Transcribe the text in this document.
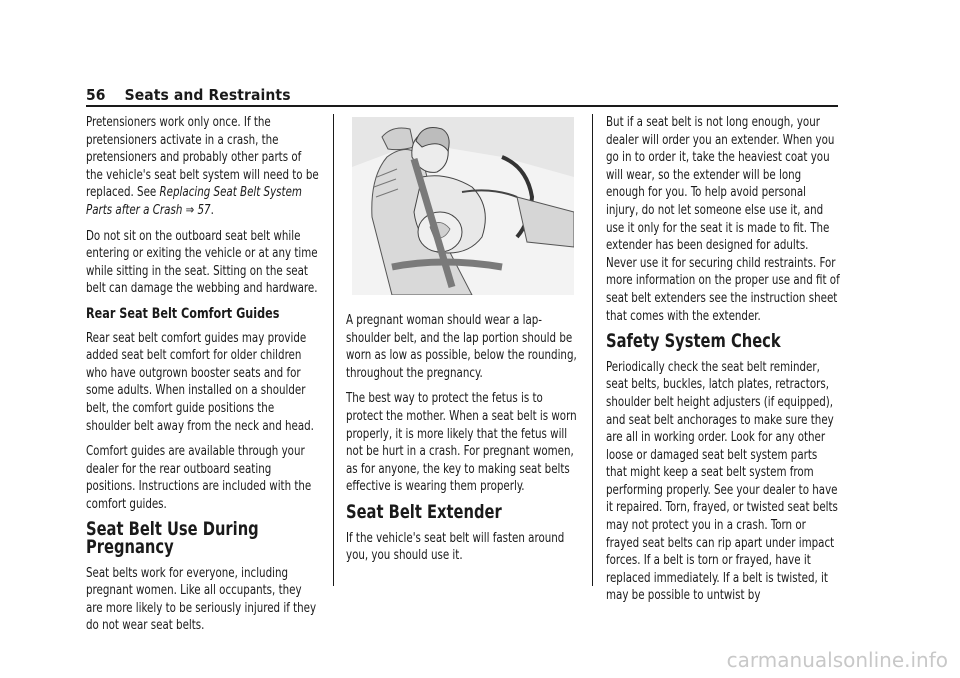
56 Seats and Restraints

Pretensioners work only once. If the pretensioners activate in a crash, the pretensioners and probably other parts of the vehicle's seat belt system will need to be replaced. See Replacing Seat Belt System Parts after a Crash ⇒ 57.

Do not sit on the outboard seat belt while entering or exiting the vehicle or at any time while sitting in the seat. Sitting on the seat belt can damage the webbing and hardware.

Rear Seat Belt Comfort Guides

Rear seat belt comfort guides may provide added seat belt comfort for older children who have outgrown booster seats and for some adults. When installed on a shoulder belt, the comfort guide positions the shoulder belt away from the neck and head.

Comfort guides are available through your dealer for the rear outboard seating positions. Instructions are included with the comfort guides.

Seat Belt Use During Pregnancy

Seat belts work for everyone, including pregnant women. Like all occupants, they are more likely to be seriously injured if they do not wear seat belts.

A pregnant woman should wear a lap-shoulder belt, and the lap portion should be worn as low as possible, below the rounding, throughout the pregnancy.

The best way to protect the fetus is to protect the mother. When a seat belt is worn properly, it is more likely that the fetus will not be hurt in a crash. For pregnant women, as for anyone, the key to making seat belts effective is wearing them properly.

Seat Belt Extender

If the vehicle's seat belt will fasten around you, you should use it.

But if a seat belt is not long enough, your dealer will order you an extender. When you go in to order it, take the heaviest coat you will wear, so the extender will be long enough for you. To help avoid personal injury, do not let someone else use it, and use it only for the seat it is made to fit. The extender has been designed for adults. Never use it for securing child restraints. For more information on the proper use and fit of seat belt extenders see the instruction sheet that comes with the extender.

Safety System Check

Periodically check the seat belt reminder, seat belts, buckles, latch plates, retractors, shoulder belt height adjusters (if equipped), and seat belt anchorages to make sure they are all in working order. Look for any other loose or damaged seat belt system parts that might keep a seat belt system from performing properly. See your dealer to have it repaired. Torn, frayed, or twisted seat belts may not protect you in a crash. Torn or frayed seat belts can rip apart under impact forces. If a belt is torn or frayed, have it replaced immediately. If a belt is twisted, it may be possible to untwist by

carmanualsonline.info
